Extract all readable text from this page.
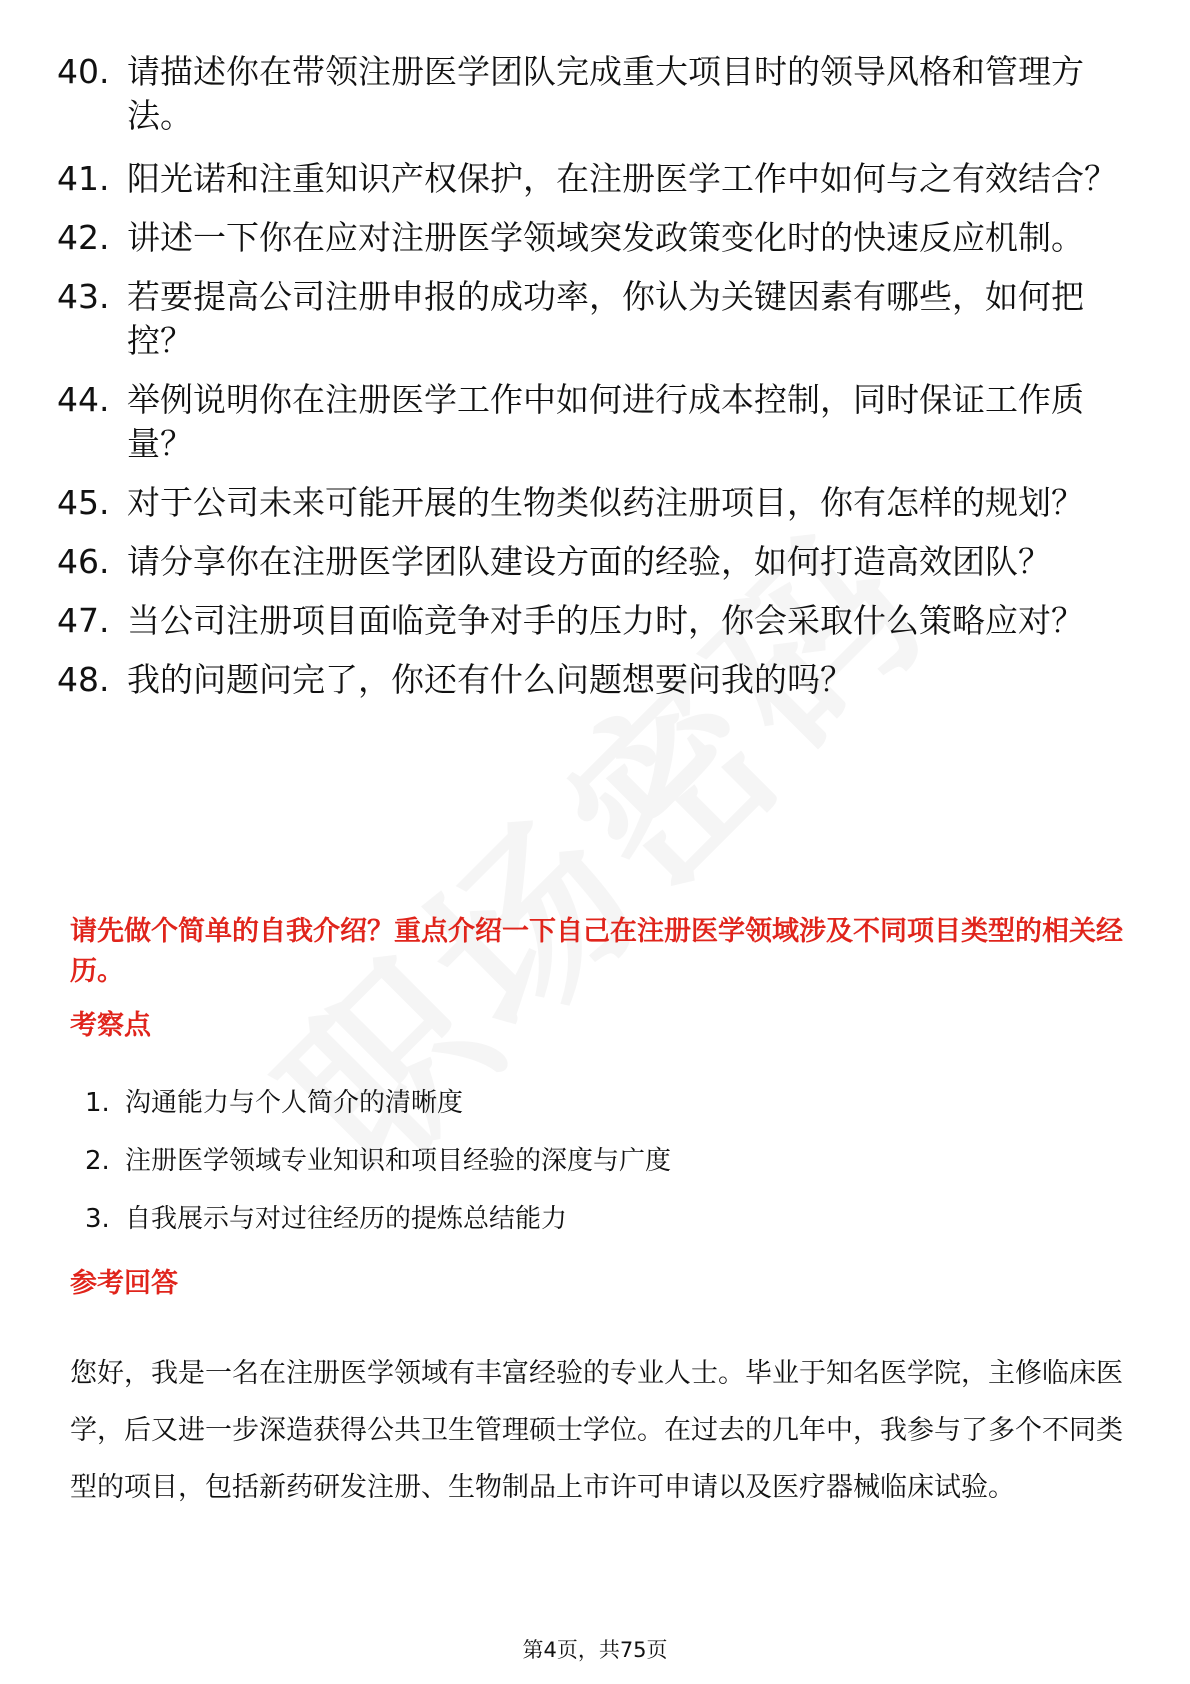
40. 请描述你在带领注册医学团队完成重大项目时的领导风格和管理方法。
41. 阳光诺和注重知识产权保护，在注册医学工作中如何与之有效结合？
42. 讲述一下你在应对注册医学领域突发政策变化时的快速反应机制。
43. 若要提高公司注册申报的成功率，你认为关键因素有哪些，如何把控？
44. 举例说明你在注册医学工作中如何进行成本控制，同时保证工作质量？
45. 对于公司未来可能开展的生物类似药注册项目，你有怎样的规划？
46. 请分享你在注册医学团队建设方面的经验，如何打造高效团队？
47. 当公司注册项目面临竞争对手的压力时，你会采取什么策略应对？
48. 我的问题问完了，你还有什么问题想要问我的吗？
请先做个简单的自我介绍？重点介绍一下自己在注册医学领域涉及不同项目类型的相关经历。
考察点
1. 沟通能力与个人简介的清晰度
2. 注册医学领域专业知识和项目经验的深度与广度
3. 自我展示与对过往经历的提炼总结能力
参考回答
您好，我是一名在注册医学领域有丰富经验的专业人士。毕业于知名医学院，主修临床医学，后又进一步深造获得公共卫生管理硕士学位。在过去的几年中，我参与了多个不同类型的项目，包括新药研发注册、生物制品上市许可申请以及医疗器械临床试验。
第4页，共75页
